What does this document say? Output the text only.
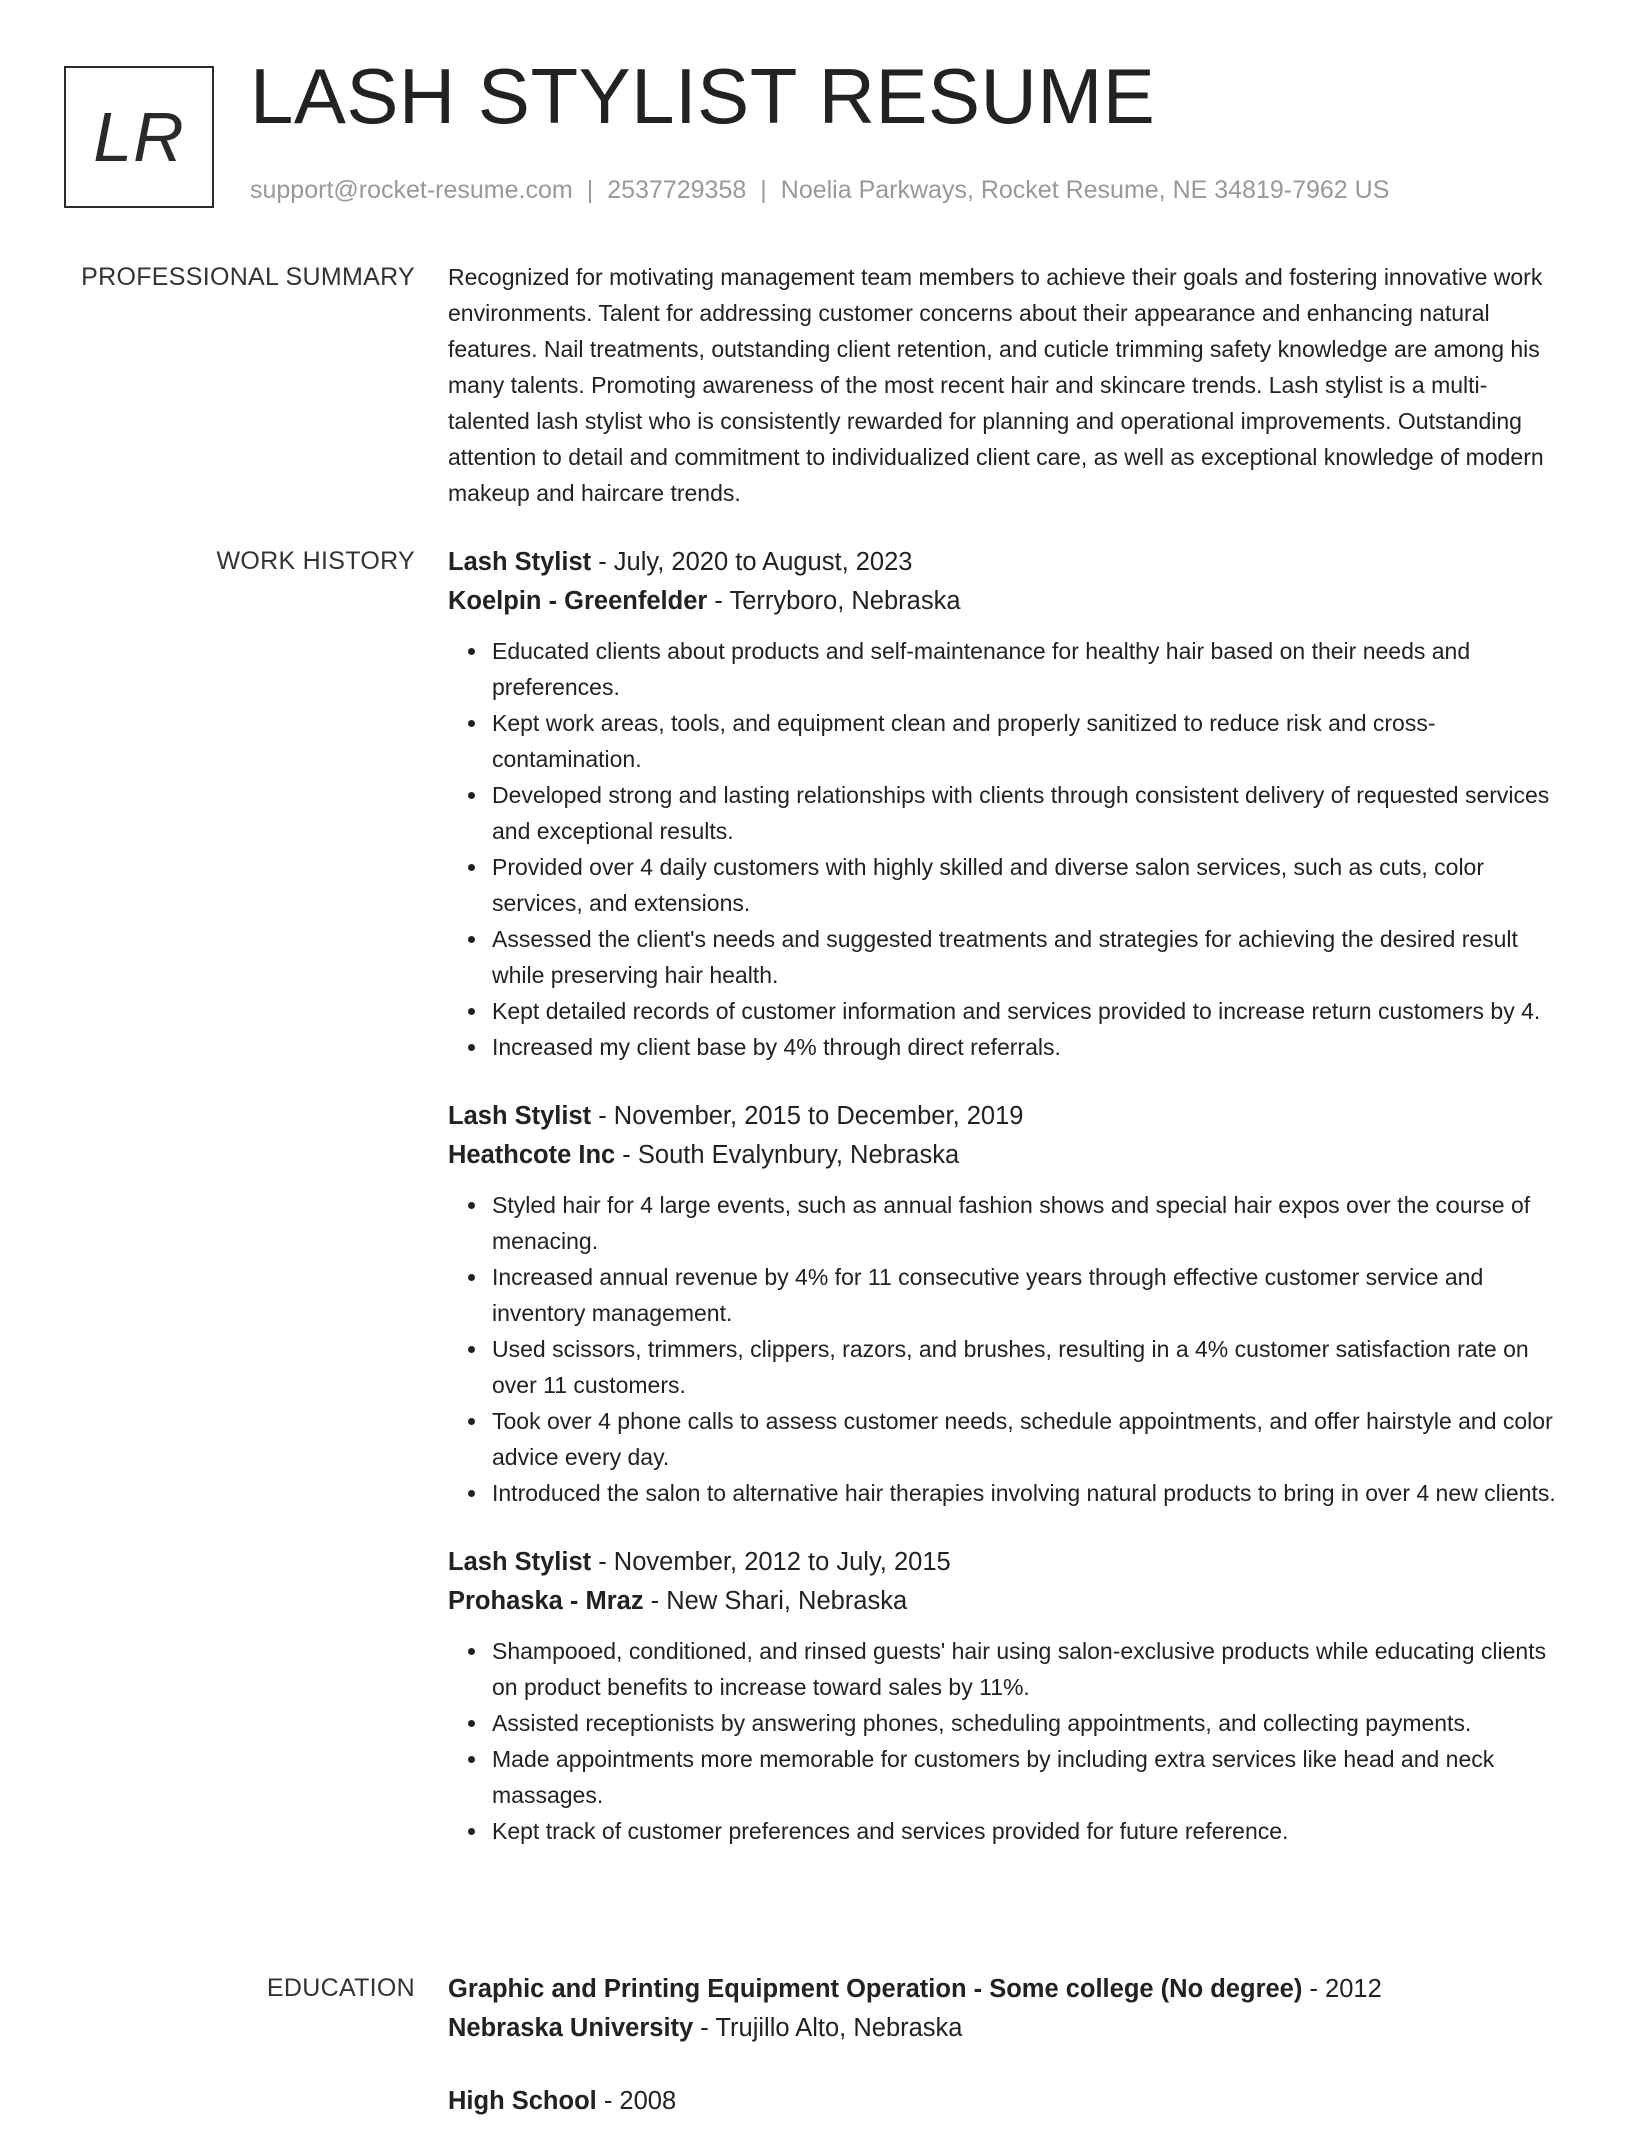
LR LASH STYLIST RESUME
support@rocket-resume.com | 2537729358 | Noelia Parkways, Rocket Resume, NE 34819-7962 US
PROFESSIONAL SUMMARY Recognized for motivating management team members to achieve their goals and fostering innovative work environments. Talent for addressing customer concerns about their appearance and enhancing natural features. Nail treatments, outstanding client retention, and cuticle trimming safety knowledge are among his many talents. Promoting awareness of the most recent hair and skincare trends. Lash stylist is a multi-talented lash stylist who is consistently rewarded for planning and operational improvements. Outstanding attention to detail and commitment to individualized client care, as well as exceptional knowledge of modern makeup and haircare trends.

WORK HISTORY Lash Stylist - July, 2020 to August, 2023
Koelpin - Greenfelder - Terryboro, Nebraska
Educated clients about products and self-maintenance for healthy hair based on their needs and preferences.
Kept work areas, tools, and equipment clean and properly sanitized to reduce risk and cross-contamination.
Developed strong and lasting relationships with clients through consistent delivery of requested services and exceptional results.
Provided over 4 daily customers with highly skilled and diverse salon services, such as cuts, color services, and extensions.
Assessed the client's needs and suggested treatments and strategies for achieving the desired result while preserving hair health.
Kept detailed records of customer information and services provided to increase return customers by 4.
Increased my client base by 4% through direct referrals.
Lash Stylist - November, 2015 to December, 2019
Heathcote Inc - South Evalynbury, Nebraska
Styled hair for 4 large events, such as annual fashion shows and special hair expos over the course of menacing.
Increased annual revenue by 4% for 11 consecutive years through effective customer service and inventory management.
Used scissors, trimmers, clippers, razors, and brushes, resulting in a 4% customer satisfaction rate on over 11 customers.
Took over 4 phone calls to assess customer needs, schedule appointments, and offer hairstyle and color advice every day.
Introduced the salon to alternative hair therapies involving natural products to bring in over 4 new clients.
Lash Stylist - November, 2012 to July, 2015
Prohaska - Mraz - New Shari, Nebraska
Shampooed, conditioned, and rinsed guests' hair using salon-exclusive products while educating clients on product benefits to increase toward sales by 11%.
Assisted receptionists by answering phones, scheduling appointments, and collecting payments.
Made appointments more memorable for customers by including extra services like head and neck massages.
Kept track of customer preferences and services provided for future reference.
EDUCATION Graphic and Printing Equipment Operation - Some college (No degree) - 2012
Nebraska University - Trujillo Alto, Nebraska
High School - 2008
